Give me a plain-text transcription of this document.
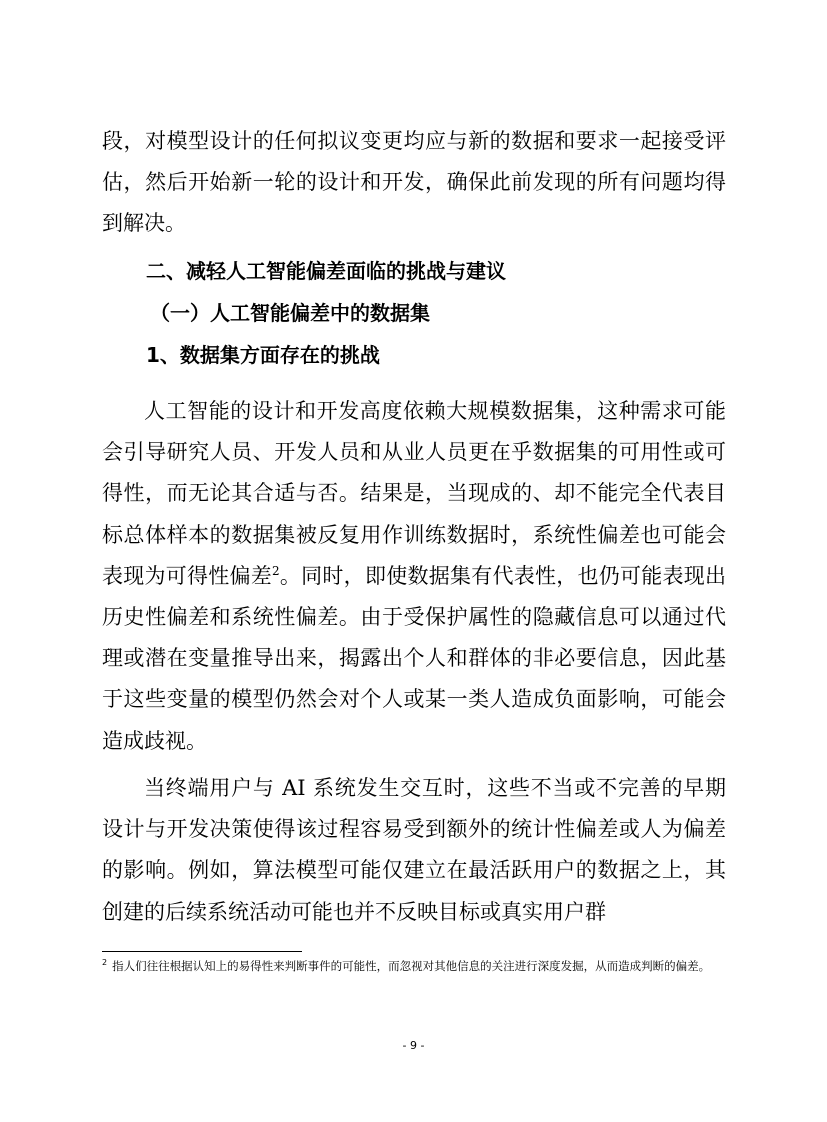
段，对模型设计的任何拟议变更均应与新的数据和要求一起接受评估，然后开始新一轮的设计和开发，确保此前发现的所有问题均得到解决。

二、减轻人工智能偏差面临的挑战与建议
（一）人工智能偏差中的数据集
1、数据集方面存在的挑战

人工智能的设计和开发高度依赖大规模数据集，这种需求可能会引导研究人员、开发人员和从业人员更在乎数据集的可用性或可得性，而无论其合适与否。结果是，当现成的、却不能完全代表目标总体样本的数据集被反复用作训练数据时，系统性偏差也可能会表现为可得性偏差$^2$。同时，即使数据集有代表性，也仍可能表现出历史性偏差和系统性偏差。由于受保护属性的隐藏信息可以通过代理或潜在变量推导出来，揭露出个人和群体的非必要信息，因此基于这些变量的模型仍然会对个人或某一类人造成负面影响，可能会造成歧视。

当终端用户与 AI 系统发生交互时，这些不当或不完善的早期设计与开发决策使得该过程容易受到额外的统计性偏差或人为偏差的影响。例如，算法模型可能仅建立在最活跃用户的数据之上，其创建的后续系统活动可能也并不反映目标或真实用户群

$^2$ 指人们往往根据认知上的易得性来判断事件的可能性，而忽视对其他信息的关注进行深度发掘，从而造成判断的偏差。
- 9 -
